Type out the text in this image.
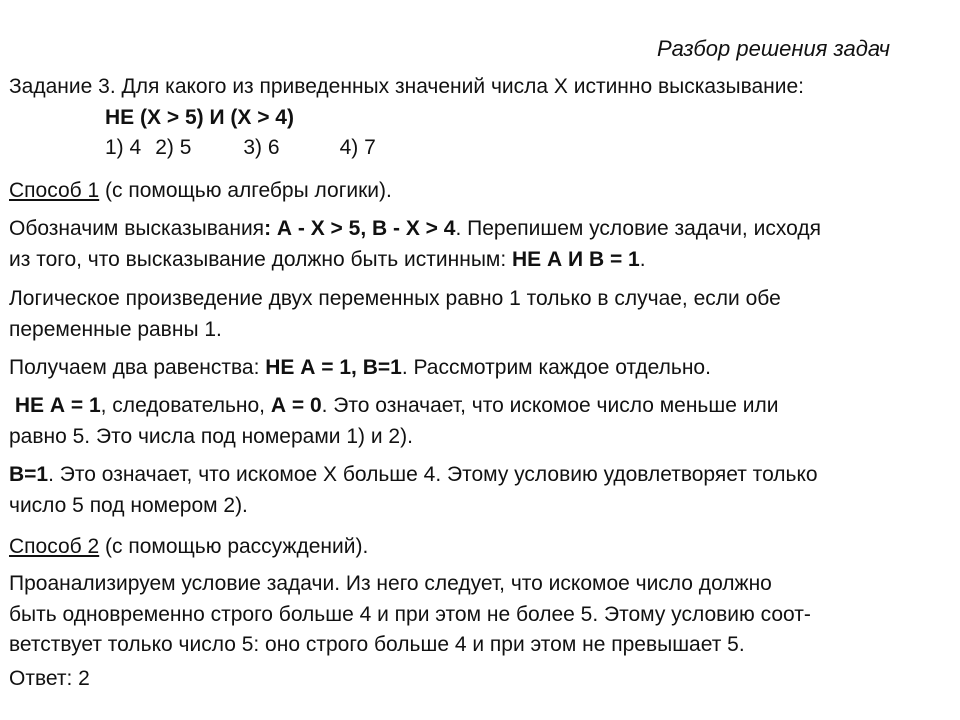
Разбор решения задач
Задание 3. Для какого из приведенных значений числа X истинно высказывание:
НЕ (X > 5) И (X > 4)
1) 4 2) 5 3) 6	4) 7
Способ 1 (с помощью алгебры логики).
Обозначим высказывания: А - X > 5, В - X > 4. Перепишем условие задачи, исходя
из того, что высказывание должно быть истинным: НЕ А И В = 1.
Логическое произведение двух переменных равно 1 только в случае, если обе
переменные равны 1.
Получаем два равенства: НЕ А = 1, В=1. Рассмотрим каждое отдельно.
НЕ А = 1, следовательно, А = 0. Это означает, что искомое число меньше или
равно 5. Это числа под номерами 1) и 2).
В=1. Это означает, что искомое X больше 4. Этому условию удовлетворяет только
число 5 под номером 2).
Способ 2 (с помощью рассуждений).
Проанализируем условие задачи. Из него следует, что искомое число должно
быть одновременно строго больше 4 и при этом не более 5. Этому условию соот-
ветствует только число 5: оно строго больше 4 и при этом не превышает 5.
Ответ: 2
